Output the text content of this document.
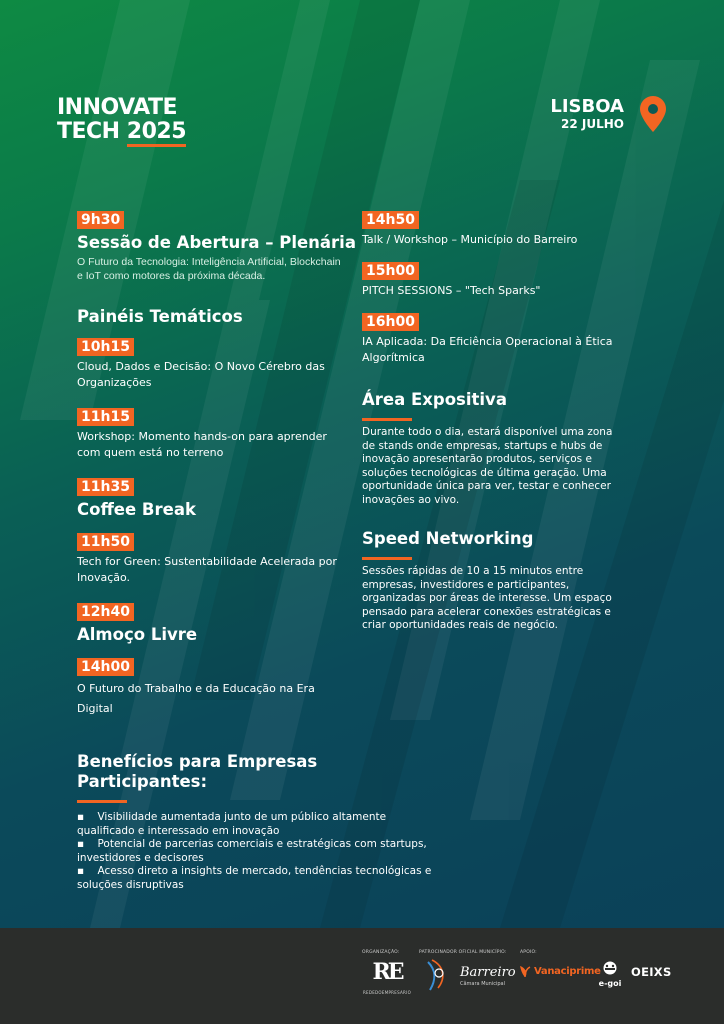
INNOVATE
TECH 2025
LISBOA
22 JULHO
9h30
Sessão de Abertura – Plenária
O Futuro da Tecnologia: Inteligência Artificial, Blockchain e IoT como motores da próxima década.
Painéis Temáticos
10h15
Cloud, Dados e Decisão: O Novo Cérebro das Organizações
11h15
Workshop: Momento hands-on para aprender com quem está no terreno
11h35
Coffee Break
11h50
Tech for Green: Sustentabilidade Acelerada por Inovação.
12h40
Almoço Livre
14h00
O Futuro do Trabalho e da Educação na Era Digital
14h50
Talk / Workshop – Município do Barreiro
15h00
PITCH SESSIONS – "Tech Sparks"
16h00
IA Aplicada: Da Eficiência Operacional à Ética Algorítmica
Área Expositiva
Durante todo o dia, estará disponível uma zona de stands onde empresas, startups e hubs de inovação apresentarão produtos, serviços e soluções tecnológicas de última geração. Uma oportunidade única para ver, testar e conhecer inovações ao vivo.
Speed Networking
Sessões rápidas de 10 a 15 minutos entre empresas, investidores e participantes, organizadas por áreas de interesse. Um espaço pensado para acelerar conexões estratégicas e criar oportunidades reais de negócio.
Benefícios para Empresas Participantes:
▪    Visibilidade aumentada junto de um público altamente qualificado e interessado em inovação
▪    Potencial de parcerias comerciais e estratégicas com startups, investidores e decisores
▪    Acesso direto a insights de mercado, tendências tecnológicas e soluções disruptivas
ORGANIZAÇÃO:	PATROCINADOR OFICIAL MUNICÍPIO:	APOIO:
RE
REDEDOEMPRESARIO
Barreiro
Câmara Municipal
Vanaciprime
e-goi
OEIXS
